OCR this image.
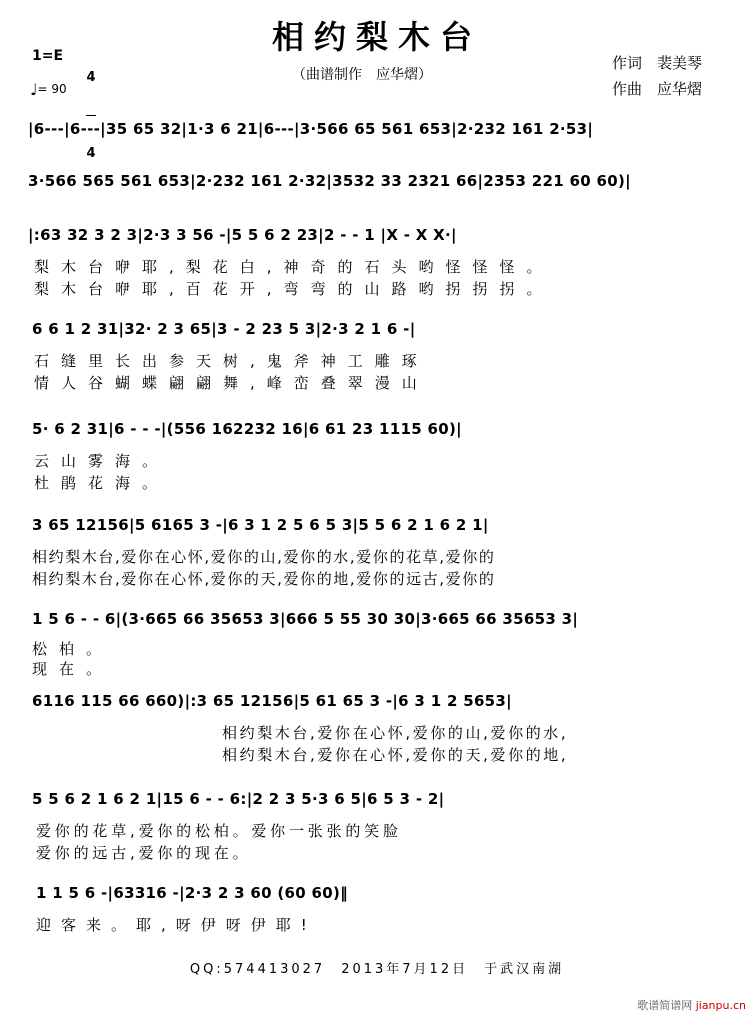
相约梨木台
1=E

4

4

♩= 90
（曲谱制作　应华熠）
作词　裴美琴
作曲　应华熠
|6---|6---|35 65 32|1·3 6 21|6---|3·566 65 561 653|2·232 161 2·53|
3·566 565 561 653|2·232 161 2·32|3532 33 2321 66|2353 221 60 60)|
|:63 32 3 2 3|2·3 3 56 -|5 5 6 2 23|2 - - 1 |X - X X·|
梨木台咿耶,梨花白,神奇的石头哟怪怪怪。
梨木台咿耶,百花开,弯弯的山路哟拐拐拐。
6 6 1 2 31|32· 2 3 65|3 - 2 23 5 3|2·3 2 1 6 -|
石缝里长出参天树,鬼斧神工雕琢
情人谷蝴蝶翩翩舞,峰峦叠翠漫山
5· 6 2 31|6 - - -|(556 162232 16|6 61 23 1115 60)|
云山雾海。
杜鹃花海。
3 65 12156|5 6165 3 -|6 3 1 2 5 6 5 3|5 5 6 2 1 6 2 1|
相约梨木台,爱你在心怀,爱你的山,爱你的水,爱你的花草,爱你的
相约梨木台,爱你在心怀,爱你的天,爱你的地,爱你的远古,爱你的
1 5 6 - - 6|(3·665 66 35653 3|666 5 55 30 30|3·665 66 35653 3|
松柏。
现在。
6116 115 66 660)|:3 65 12156|5 61 65 3 -|6 3 1 2 5653|
相约梨木台,爱你在心怀,爱你的山,爱你的水,
相约梨木台,爱你在心怀,爱你的天,爱你的地,
5 5 6 2 1 6 2 1|15 6 - - 6:|2 2 3 5·3 6 5|6 5 3 - 2|
爱你的花草,爱你的松柏。爱你一张张的笑脸
爱你的远古,爱你的现在。
1 1 5 6 -|63316 -|2·3 2 3 60 (60 60)‖
迎客来。耶,呀伊呀伊耶!
QQ:574413027　2013年7月12日　于武汉南湖
歌谱简谱网 jianpu.cn
